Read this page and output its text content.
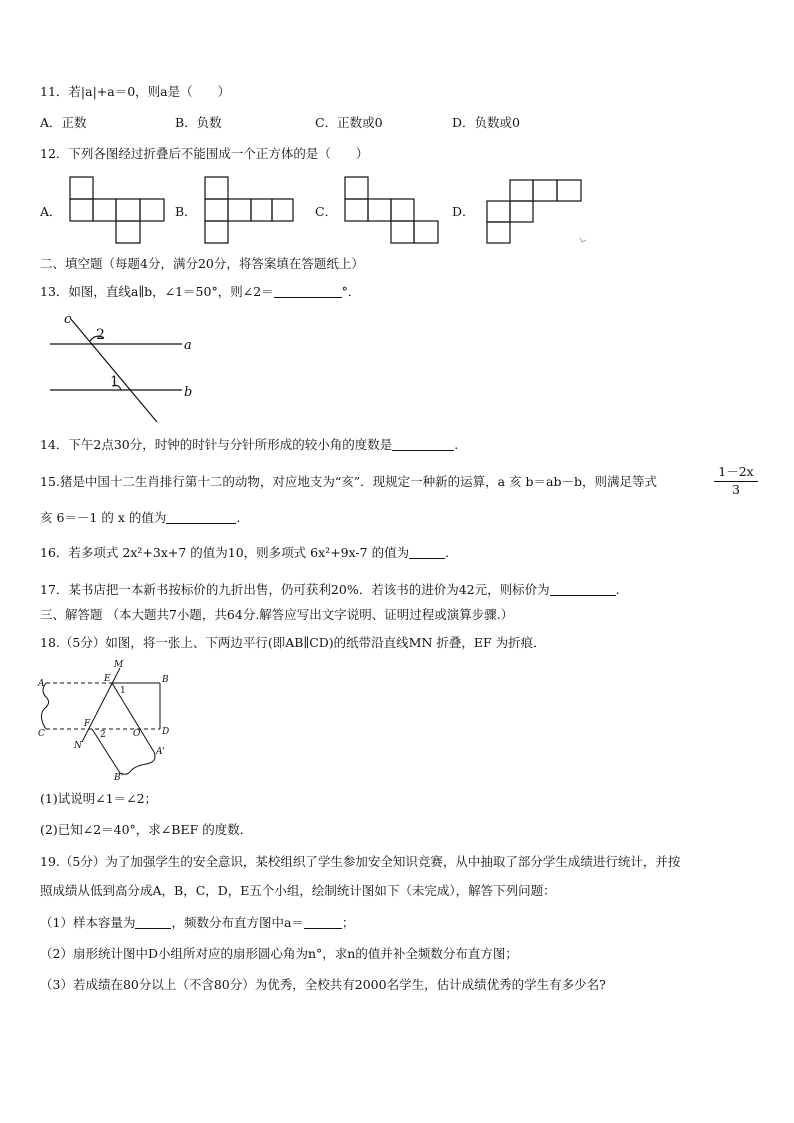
11．若|a|+a＝0，则a是（　　）
A．正数	B．负数	C．正数或0	D．负数或0
12．下列各图经过折叠后不能围成一个正方体的是（　　）
A．	B．	C．	D．
二、填空题（每题4分，满分20分，将答案填在答题纸上）
13．如图，直线a∥b，∠1＝50°，则∠2＝	°．
c
a
b
2
1
14．下午2点30分，时钟的时针与分针所形成的较小角的度数是	.
15.猪是中国十二生肖排行第十二的动物，对应地支为“亥”．现规定一种新的运算，a 亥 b＝ab－b，则满足等式	$\frac{1-2x}{3}$
亥 6＝－1 的 x 的值为	.
16．若多项式 2x²+3x+7 的值为10，则多项式 6x²+9x-7 的值为	.
17．某书店把一本新书按标价的九折出售，仍可获利20%．若该书的进价为42元，则标价为	.
三、解答题 （本大题共7小题，共64分.解答应写出文字说明、证明过程或演算步骤.）
18.（5分）如图，将一张上、下两边平行(即AB∥CD)的纸带沿直线MN 折叠，EF 为折痕．
A	B
C	D
M
N
E
F
O
A'
B'
1
2
(1)试说明∠1＝∠2；
(2)已知∠2＝40°，求∠BEF 的度数．
19.（5分）为了加强学生的安全意识，某校组织了学生参加安全知识竞赛，从中抽取了部分学生成绩进行统计，并按
照成绩从低到高分成A，B，C，D，E五个小组，绘制统计图如下（未完成），解答下列问题：
（1）样本容量为	，频数分布直方图中a＝	；
（2）扇形统计图中D小组所对应的扇形圆心角为n°，求n的值并补全频数分布直方图；
（3）若成绩在80分以上（不含80分）为优秀，全校共有2000名学生，估计成绩优秀的学生有多少名?
